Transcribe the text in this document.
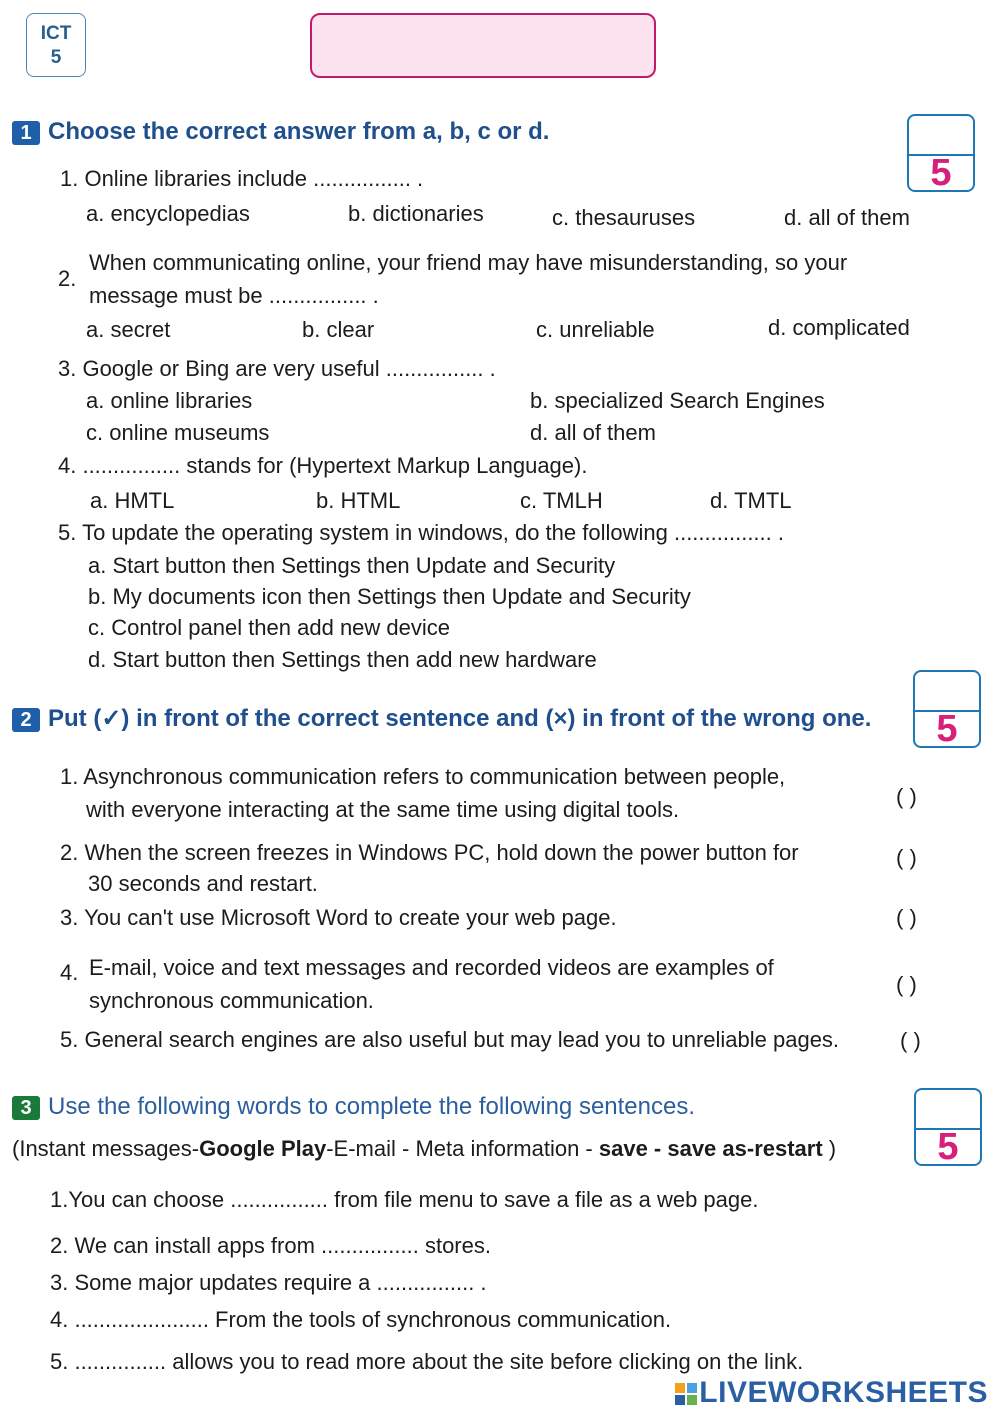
ICT
5
1 Choose the correct answer from a, b, c or d.
5
1. Online libraries include ................ .
a. encyclopedias	b. dictionaries	c. thesauruses	d. all of them
2.
When communicating online, your friend may have misunderstanding, so your
message must be ................ .
a. secret	b. clear	c. unreliable	d. complicated
3. Google or Bing are very useful ................ .
a. online libraries	b. specialized Search Engines
c. online museums	d. all of them
4. ................ stands for (Hypertext Markup Language).
a. HMTL	b. HTML	c. TMLH	d. TMTL
5. To update the operating system in windows, do the following ................ .
a. Start button then Settings then Update and Security
b. My documents icon then Settings then Update and Security
c. Control panel then add new device
d. Start button then Settings then add new hardware
2 Put (✓) in front of the correct sentence and (×) in front of the wrong one.	5
1. Asynchronous communication refers to communication between people,
with everyone interacting at the same time using digital tools.
( )
2. When the screen freezes in Windows PC, hold down the power button for
30 seconds and restart.
( )
3. You can't use Microsoft Word to create your web page.	( )
4. E-mail, voice and text messages and recorded videos are examples of
synchronous communication.
( )
5. General search engines are also useful but may lead you to unreliable pages.	( )
3 Use the following words to complete the following sentences.
5
(Instant messages-Google Play-E-mail - Meta information - save - save as-restart )
1.You can choose ................ from file menu to save a file as a web page.
2. We can install apps from ................ stores.
3. Some major updates require a ................ .
4. ...................... From the tools of synchronous communication.
5. ............... allows you to read more about the site before clicking on the link.
LIVEWORKSHEETS
